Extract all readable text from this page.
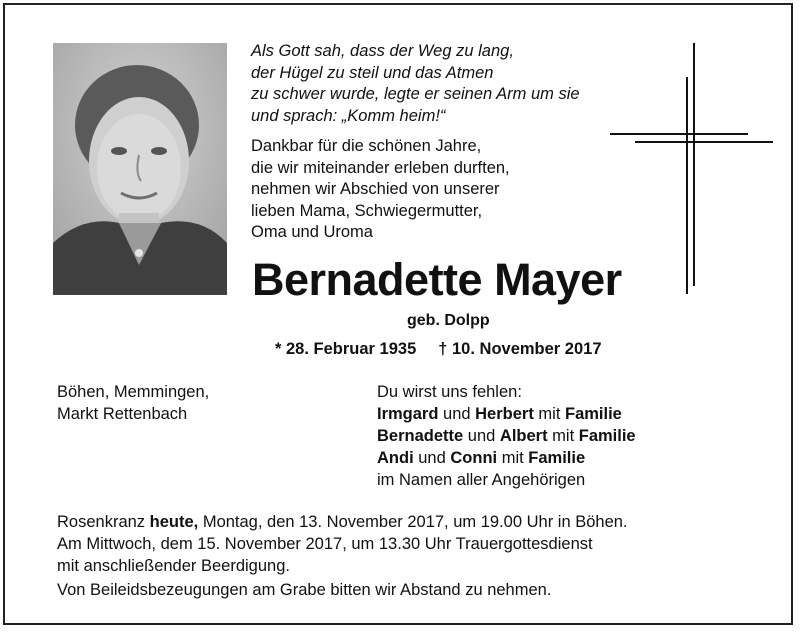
Als Gott sah, dass der Weg zu lang,
der Hügel zu steil und das Atmen
zu schwer wurde, legte er seinen Arm um sie
und sprach: „Komm heim!“
Dankbar für die schönen Jahre,
die wir miteinander erleben durften,
nehmen wir Abschied von unserer
lieben Mama, Schwiegermutter,
Oma und Uroma
Bernadette Mayer
geb. Dolpp
* 28. Februar 1935 † 10. November 2017
Böhen, Memmingen,
Markt Rettenbach
Du wirst uns fehlen:
Irmgard und Herbert mit Familie
Bernadette und Albert mit Familie
Andi und Conni mit Familie
im Namen aller Angehörigen
Rosenkranz heute, Montag, den 13. November 2017, um 19.00 Uhr in Böhen.
Am Mittwoch, dem 15. November 2017, um 13.30 Uhr Trauergottesdienst
mit anschließender Beerdigung.
Von Beileidsbezeugungen am Grabe bitten wir Abstand zu nehmen.
